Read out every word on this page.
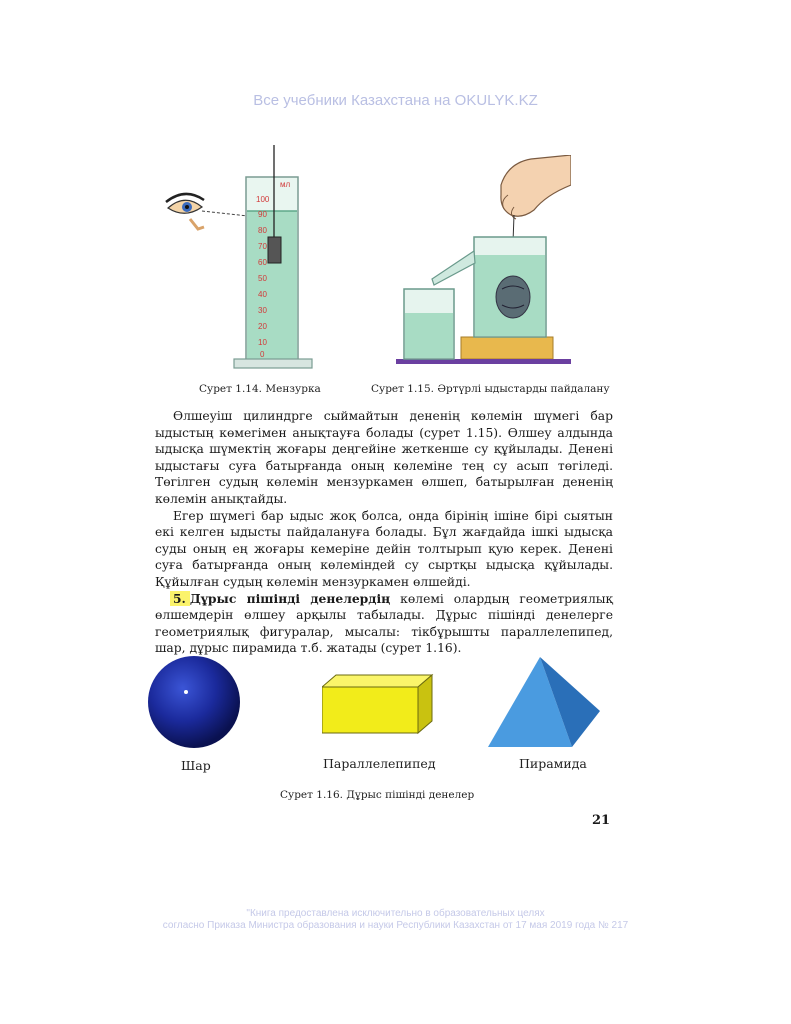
Все учебники Казахстана на OKULYK.KZ
мл
100
90
80
70
60
50
40
30
20
10
0
Сурет 1.14. Мензурка	Сурет 1.15. Әртүрлі ыдыстарды пайдалану

Өлшеуіш цилиндрге сыймайтын дененің көлемін шүмегі бар ыдыстың көмегімен анықтауға болады (сурет 1.15). Өлшеу алдында ыдысқа шүмектің жоғары деңгейіне жеткенше су құйылады. Денені ыдыстағы суға батырғанда оның көлеміне тең су асып төгіледі. Төгілген судың көлемін мензуркамен өлшеп, батырылған дененің көлемін анықтайды.

Егер шүмегі бар ыдыс жоқ болса, онда бірінің ішіне бірі сыятын екі келген ыдысты пайдалануға болады. Бұл жағдайда ішкі ыдысқа суды оның ең жоғары кемеріне дейін толтырып қую керек. Денені суға батырғанда оның көлеміндей су сыртқы ыдысқа құйылады. Құйылған судың көлемін мензуркамен өлшейді.

5. Дұрыс пішінді денелердің көлемі олардың геометриялық өлшемдерін өлшеу арқылы табылады. Дұрыс пішінді денелерге геометриялық фигуралар, мысалы: тікбұрышты параллелепипед, шар, дұрыс пирамида т.б. жатады (сурет 1.16).

Шар	Параллелепипед	Пирамида
Сурет 1.16. Дұрыс пішінді денелер
21
"Книга предоставлена исключительно в образовательных целях
согласно Приказа Министра образования и науки Республики Казахстан от 17 мая 2019 года № 217
